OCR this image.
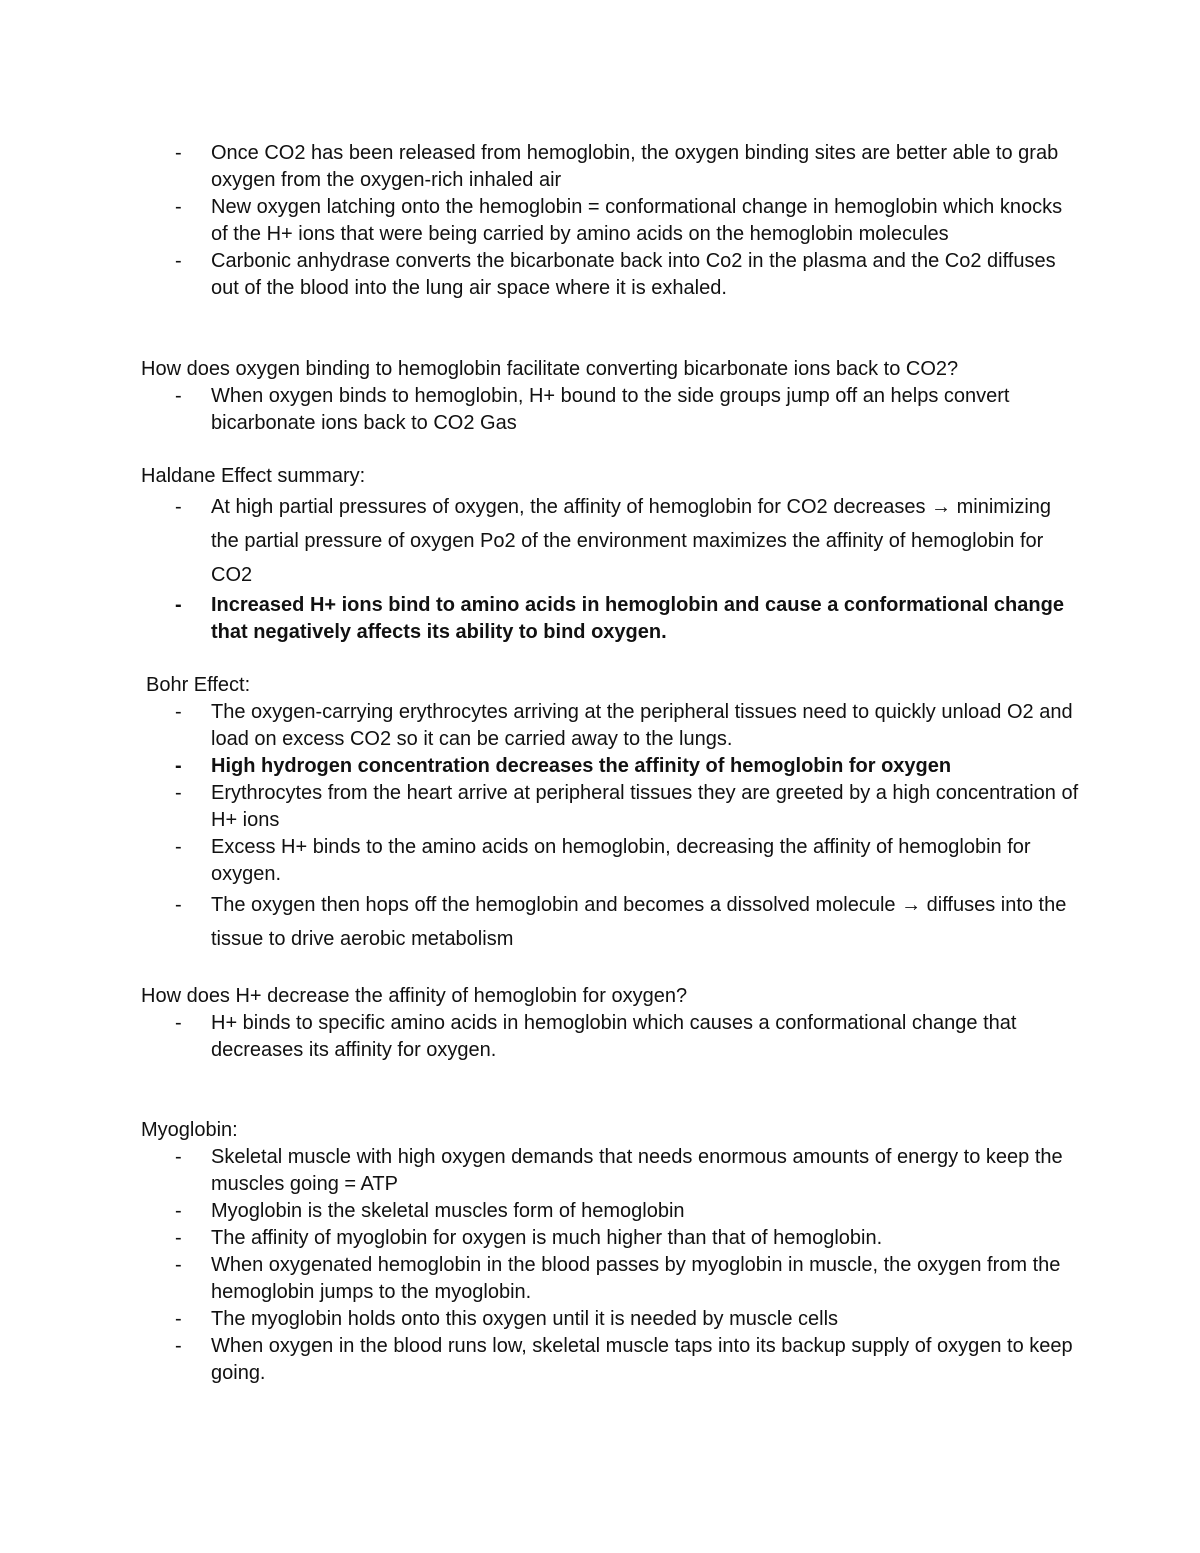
- Once CO2 has been released from hemoglobin, the oxygen binding sites are better able to grab oxygen from the oxygen-rich inhaled air
- New oxygen latching onto the hemoglobin = conformational change in hemoglobin which knocks of the H+ ions that were being carried by amino acids on the hemoglobin molecules
- Carbonic anhydrase converts the bicarbonate back into Co2 in the plasma and the Co2 diffuses out of the blood into the lung air space where it is exhaled.

How does oxygen binding to hemoglobin facilitate converting bicarbonate ions back to CO2?

- When oxygen binds to hemoglobin, H+ bound to the side groups jump off an helps convert bicarbonate ions back to CO2 Gas

Haldane Effect summary:

- At high partial pressures of oxygen, the affinity of hemoglobin for CO2 decreases → minimizing the partial pressure of oxygen Po2 of the environment maximizes the affinity of hemoglobin for CO2
- Increased H+ ions bind to amino acids in hemoglobin and cause a conformational change that negatively affects its ability to bind oxygen.

Bohr Effect:

- The oxygen-carrying erythrocytes arriving at the peripheral tissues need to quickly unload O2 and load on excess CO2 so it can be carried away to the lungs.
- High hydrogen concentration decreases the affinity of hemoglobin for oxygen
- Erythrocytes from the heart arrive at peripheral tissues they are greeted by a high concentration of H+ ions
- Excess H+ binds to the amino acids on hemoglobin, decreasing the affinity of hemoglobin for oxygen.
- The oxygen then hops off the hemoglobin and becomes a dissolved molecule → diffuses into the tissue to drive aerobic metabolism

How does H+ decrease the affinity of hemoglobin for oxygen?

- H+ binds to specific amino acids in hemoglobin which causes a conformational change that decreases its affinity for oxygen.

Myoglobin:

- Skeletal muscle with high oxygen demands that needs enormous amounts of energy to keep the muscles going = ATP
- Myoglobin is the skeletal muscles form of hemoglobin
- The affinity of myoglobin for oxygen is much higher than that of hemoglobin.
- When oxygenated hemoglobin in the blood passes by myoglobin in muscle, the oxygen from the hemoglobin jumps to the myoglobin.
- The myoglobin holds onto this oxygen until it is needed by muscle cells
- When oxygen in the blood runs low, skeletal muscle taps into its backup supply of oxygen to keep going.
